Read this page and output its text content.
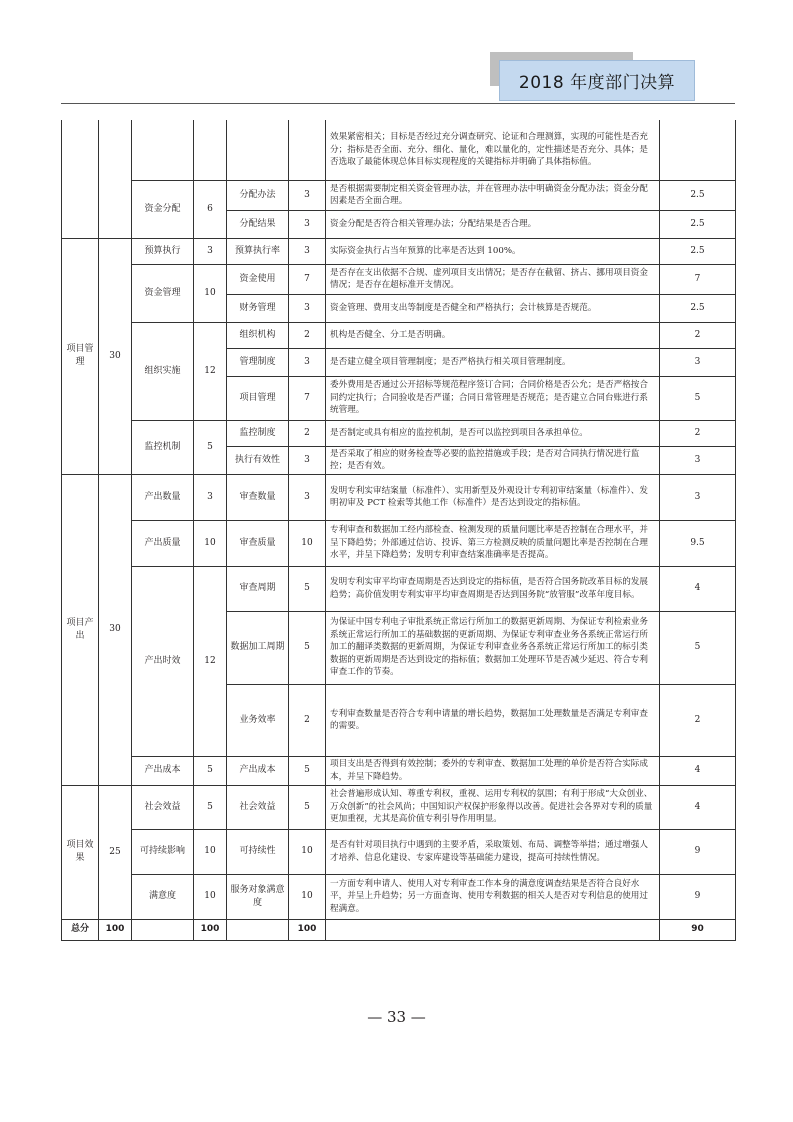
2018 年度部门决算
						效果紧密相关；目标是否经过充分调查研究、论证和合理测算，实现的可能性是否充分；指标是否全面、充分、细化、量化，难以量化的，定性描述是否充分、具体；是否选取了最能体现总体目标实现程度的关键指标并明确了具体指标值。	
		资金分配	6	分配办法	3	是否根据需要制定相关资金管理办法，并在管理办法中明确资金分配办法；资金分配因素是否全面合理。	2.5
				分配结果	3	资金分配是否符合相关管理办法；分配结果是否合理。	2.5
项目管理	30	预算执行	3	预算执行率	3	实际资金执行占当年预算的比率是否达到 100%。	2.5
		资金管理	10	资金使用	7	是否存在支出依据不合规、虚列项目支出情况；是否存在截留、挤占、挪用项目资金情况；是否存在超标准开支情况。	7
				财务管理	3	资金管理、费用支出等制度是否健全和严格执行；会计核算是否规范。	2.5
		组织实施	12	组织机构	2	机构是否健全、分工是否明确。	2
				管理制度	3	是否建立健全项目管理制度；是否严格执行相关项目管理制度。	3
				项目管理	7	委外费用是否通过公开招标等规范程序签订合同；合同价格是否公允；是否严格按合同约定执行；合同验收是否严谨；合同日常管理是否规范；是否建立合同台账进行系统管理。	5
		监控机制	5	监控制度	2	是否制定或具有相应的监控机制，是否可以监控到项目各承担单位。	2
				执行有效性	3	是否采取了相应的财务检查等必要的监控措施或手段；是否对合同执行情况进行监控；是否有效。	3
项目产出	30	产出数量	3	审查数量	3	发明专利实审结案量（标准件）、实用新型及外观设计专利初审结案量（标准件）、发明初审及 PCT 检索等其他工作（标准件）是否达到设定的指标值。	3
		产出质量	10	审查质量	10	专利审查和数据加工经内部检查、检测发现的质量问题比率是否控制在合理水平，并呈下降趋势；外部通过信访、投诉、第三方检测反映的质量问题比率是否控制在合理水平，并呈下降趋势；发明专利审查结案准确率是否提高。	9.5
		产出时效	12	审查周期	5	发明专利实审平均审查周期是否达到设定的指标值，是否符合国务院改革目标的发展趋势；高价值发明专利实审平均审查周期是否达到国务院“放管服”改革年度目标。	4
				数据加工周期	5	为保证中国专利电子审批系统正常运行所加工的数据更新周期、为保证专利检索业务系统正常运行所加工的基础数据的更新周期、为保证专利审查业务各系统正常运行所加工的翻译类数据的更新周期，为保证专利审查业务各系统正常运行所加工的标引类数据的更新周期是否达到设定的指标值；数据加工处理环节是否减少延迟、符合专利审查工作的节奏。	5
				业务效率	2	专利审查数量是否符合专利申请量的增长趋势，数据加工处理数量是否满足专利审查的需要。	2
		产出成本	5	产出成本	5	项目支出是否得到有效控制；委外的专利审查、数据加工处理的单价是否符合实际成本，并呈下降趋势。	4
项目效果	25	社会效益	5	社会效益	5	社会普遍形成认知、尊重专利权，重视、运用专利权的氛围；有利于形成“大众创业、万众创新”的社会风尚；中国知识产权保护形象得以改善。促进社会各界对专利的质量更加重视，尤其是高价值专利引导作用明显。	4
		可持续影响	10	可持续性	10	是否有针对项目执行中遇到的主要矛盾，采取策划、布局、调整等举措；通过增强人才培养、信息化建设、专家库建设等基础能力建设，提高可持续性情况。	9
		满意度	10	服务对象满意度	10	一方面专利申请人、使用人对专利审查工作本身的满意度调查结果是否符合良好水平，并呈上升趋势；另一方面查询、使用专利数据的相关人是否对专利信息的使用过程满意。	9
总分	100		100		100		90
— 33 —
